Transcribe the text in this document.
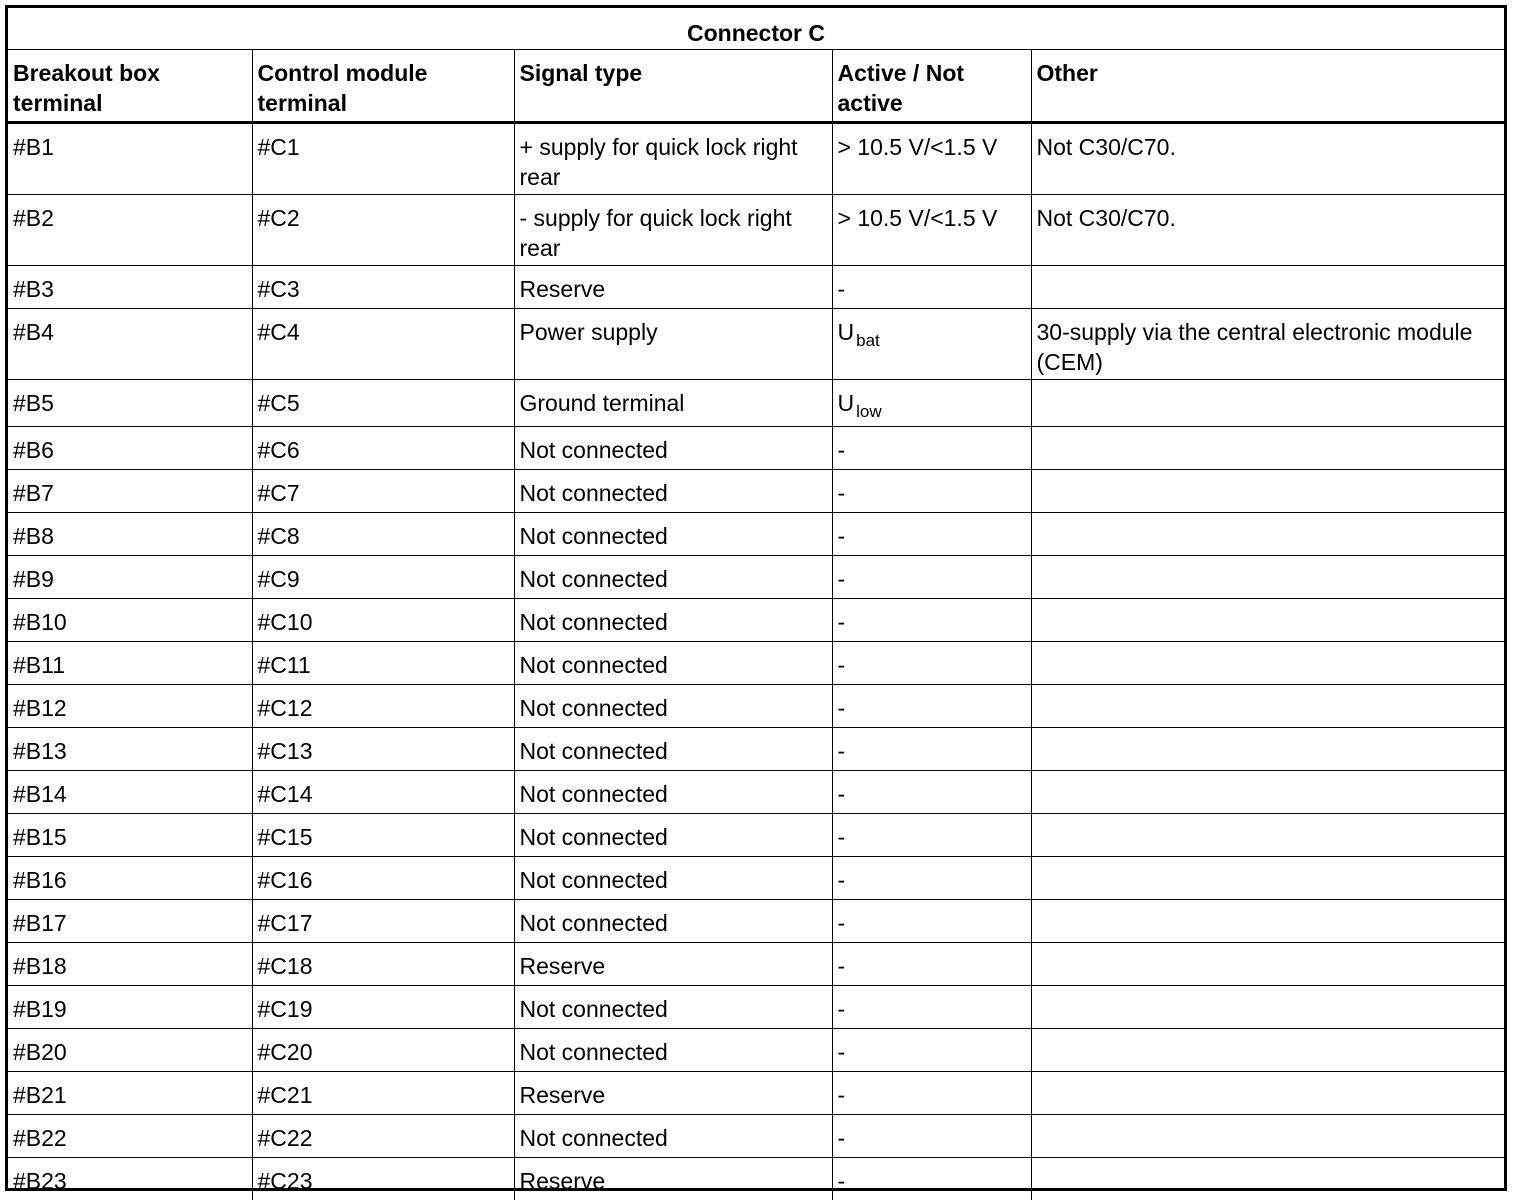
Connector C				
Breakout box terminal	Control module terminal	Signal type	Active / Not active	Other
#B1	#C1	+ supply for quick lock right rear	> 10.5 V/<1.5 V	Not C30/C70.
#B2	#C2	- supply for quick lock right rear	> 10.5 V/<1.5 V	Not C30/C70.
#B3	#C3	Reserve	-	
#B4	#C4	Power supply	U $_{bat}$	30-supply via the central electronic module (CEM)
#B5	#C5	Ground terminal	U $_{low}$	
#B6	#C6	Not connected	-	
#B7	#C7	Not connected	-	
#B8	#C8	Not connected	-	
#B9	#C9	Not connected	-	
#B10	#C10	Not connected	-	
#B11	#C11	Not connected	-	
#B12	#C12	Not connected	-	
#B13	#C13	Not connected	-	
#B14	#C14	Not connected	-	
#B15	#C15	Not connected	-	
#B16	#C16	Not connected	-	
#B17	#C17	Not connected	-	
#B18	#C18	Reserve	-	
#B19	#C19	Not connected	-	
#B20	#C20	Not connected	-	
#B21	#C21	Reserve	-	
#B22	#C22	Not connected	-	
#B23	#C23	Reserve	-	
